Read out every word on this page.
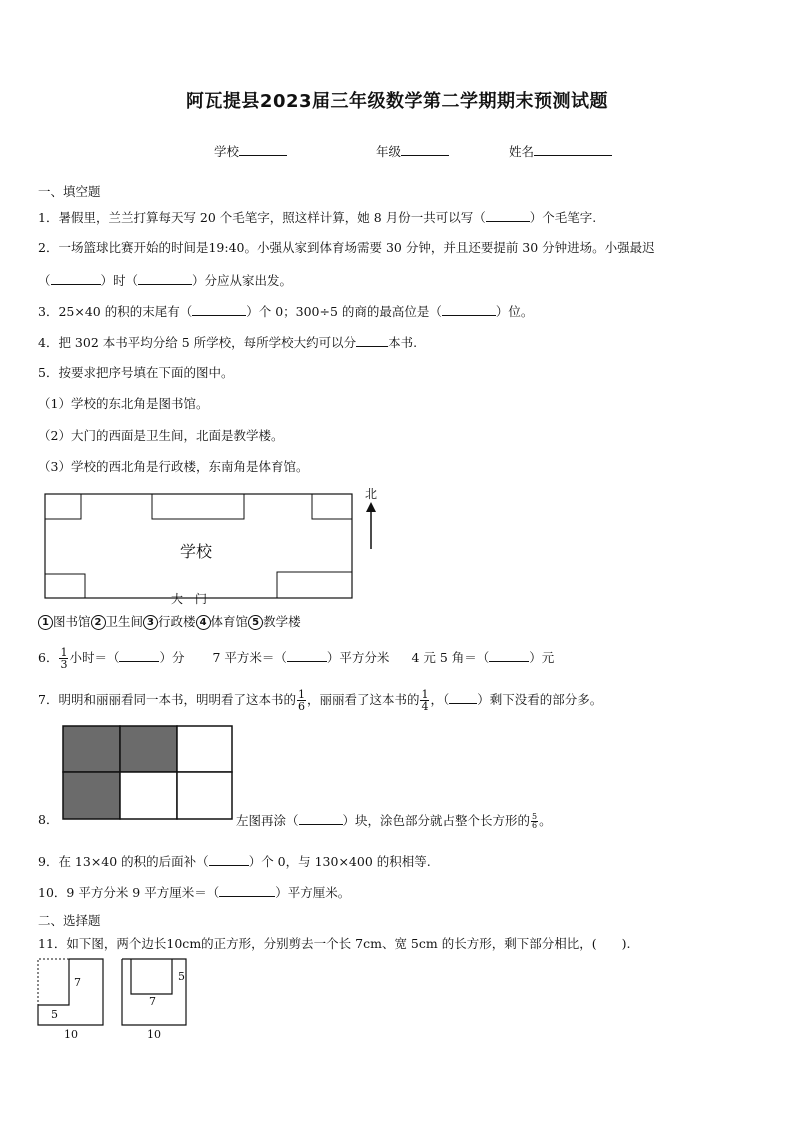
阿瓦提县2023届三年级数学第二学期期末预测试题
学校	年级	姓名
一、填空题
1．暑假里，兰兰打算每天写 20 个毛笔字，照这样计算，她 8 月份一共可以写（	）个毛笔字.
2．一场篮球比赛开始的时间是19:40。小强从家到体育场需要 30 分钟，并且还要提前 30 分钟进场。小强最迟
（	）时（	）分应从家出发。
3．25×40 的积的末尾有（	）个 0；300÷5 的商的最高位是（	）位。
4．把 302 本书平均分给 5 所学校，每所学校大约可以分	本书.
5．按要求把序号填在下面的图中。
（1）学校的东北角是图书馆。
（2）大门的西面是卫生间，北面是教学楼。
（3）学校的西北角是行政楼，东南角是体育馆。
学校
大　门
北
1 图书馆 2 卫生间 3 行政楼 4 体育馆 5 教学楼
6． $\frac{1}{3}$ 小时＝（	）分 7 平方米＝（	）平方分米 4 元 5 角＝（	）元
7．明明和丽丽看同一本书，明明看了这本书的 $\frac{1}{6}$ ，丽丽看了这本书的 $\frac{1}{4}$ ，（ ）剩下没看的部分多。
8．	左图再涂（	）块，涂色部分就占整个长方形的 $\frac{5}{6}$ 。
9．在 13×40 的积的后面补（	）个 0，与 130×400 的积相等.
10．9 平方分米 9 平方厘米＝（	）平方厘米。
二、选择题
11．如下图，两个边长10cm的正方形，分别剪去一个长 7cm、宽 5cm 的长方形，剩下部分相比，(　　).
7
5
10
5
7
10
